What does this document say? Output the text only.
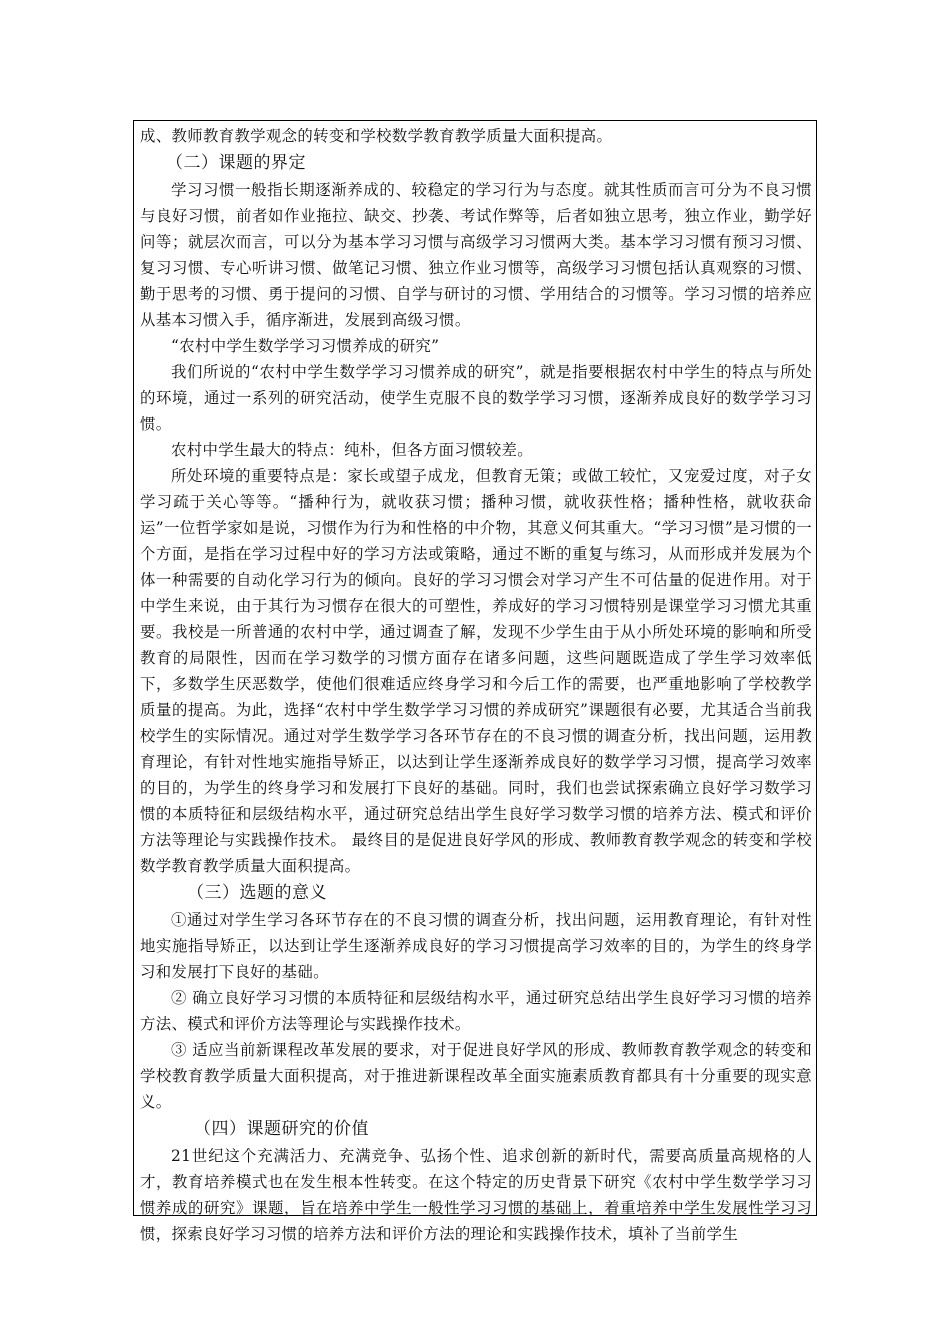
成、教师教育教学观念的转变和学校数学教育教学质量大面积提高。

（二）课题的界定

学习习惯一般指长期逐渐养成的、较稳定的学习行为与态度。就其性质而言可分为不良习惯与良好习惯，前者如作业拖拉、缺交、抄袭、考试作弊等，后者如独立思考，独立作业，勤学好问等；就层次而言，可以分为基本学习习惯与高级学习习惯两大类。基本学习习惯有预习习惯、复习习惯、专心听讲习惯、做笔记习惯、独立作业习惯等，高级学习习惯包括认真观察的习惯、勤于思考的习惯、勇于提问的习惯、自学与研讨的习惯、学用结合的习惯等。学习习惯的培养应从基本习惯入手，循序渐进，发展到高级习惯。

“农村中学生数学学习习惯养成的研究”

我们所说的“农村中学生数学学习习惯养成的研究”，就是指要根据农村中学生的特点与所处的环境，通过一系列的研究活动，使学生克服不良的数学学习习惯，逐渐养成良好的数学学习习惯。

农村中学生最大的特点：纯朴，但各方面习惯较差。

所处环境的重要特点是：家长或望子成龙，但教育无策；或做工较忙，又宠爱过度，对子女学习疏于关心等等。“播种行为，就收获习惯；播种习惯，就收获性格；播种性格，就收获命运”一位哲学家如是说，习惯作为行为和性格的中介物，其意义何其重大。“学习习惯”是习惯的一个方面，是指在学习过程中好的学习方法或策略，通过不断的重复与练习，从而形成并发展为个体一种需要的自动化学习行为的倾向。良好的学习习惯会对学习产生不可估量的促进作用。对于中学生来说，由于其行为习惯存在很大的可塑性，养成好的学习习惯特别是课堂学习习惯尤其重要。我校是一所普通的农村中学，通过调查了解，发现不少学生由于从小所处环境的影响和所受教育的局限性，因而在学习数学的习惯方面存在诸多问题，这些问题既造成了学生学习效率低下，多数学生厌恶数学，使他们很难适应终身学习和今后工作的需要，也严重地影响了学校教学质量的提高。为此，选择“农村中学生数学学习习惯的养成研究”课题很有必要，尤其适合当前我校学生的实际情况。通过对学生数学学习各环节存在的不良习惯的调查分析，找出问题，运用教育理论，有针对性地实施指导矫正，以达到让学生逐渐养成良好的数学学习习惯，提高学习效率的目的，为学生的终身学习和发展打下良好的基础。同时，我们也尝试探索确立良好学习数学习惯的本质特征和层级结构水平，通过研究总结出学生良好学习数学习惯的培养方法、模式和评价方法等理论与实践操作技术。 最终目的是促进良好学风的形成、教师教育教学观念的转变和学校数学教育教学质量大面积提高。

（三）选题的意义

①通过对学生学习各环节存在的不良习惯的调查分析，找出问题，运用教育理论，有针对性地实施指导矫正，以达到让学生逐渐养成良好的学习习惯提高学习效率的目的，为学生的终身学习和发展打下良好的基础。

② 确立良好学习习惯的本质特征和层级结构水平，通过研究总结出学生良好学习习惯的培养方法、模式和评价方法等理论与实践操作技术。

③ 适应当前新课程改革发展的要求，对于促进良好学风的形成、教师教育教学观念的转变和学校教育教学质量大面积提高，对于推进新课程改革全面实施素质教育都具有十分重要的现实意义。

（四）课题研究的价值

21世纪这个充满活力、充满竞争、弘扬个性、追求创新的新时代，需要高质量高规格的人才，教育培养模式也在发生根本性转变。在这个特定的历史背景下研究《农村中学生数学学习习惯养成的研究》课题，旨在培养中学生一般性学习习惯的基础上，着重培养中学生发展性学习习惯，探索良好学习习惯的培养方法和评价方法的理论和实践操作技术，填补了当前学生
